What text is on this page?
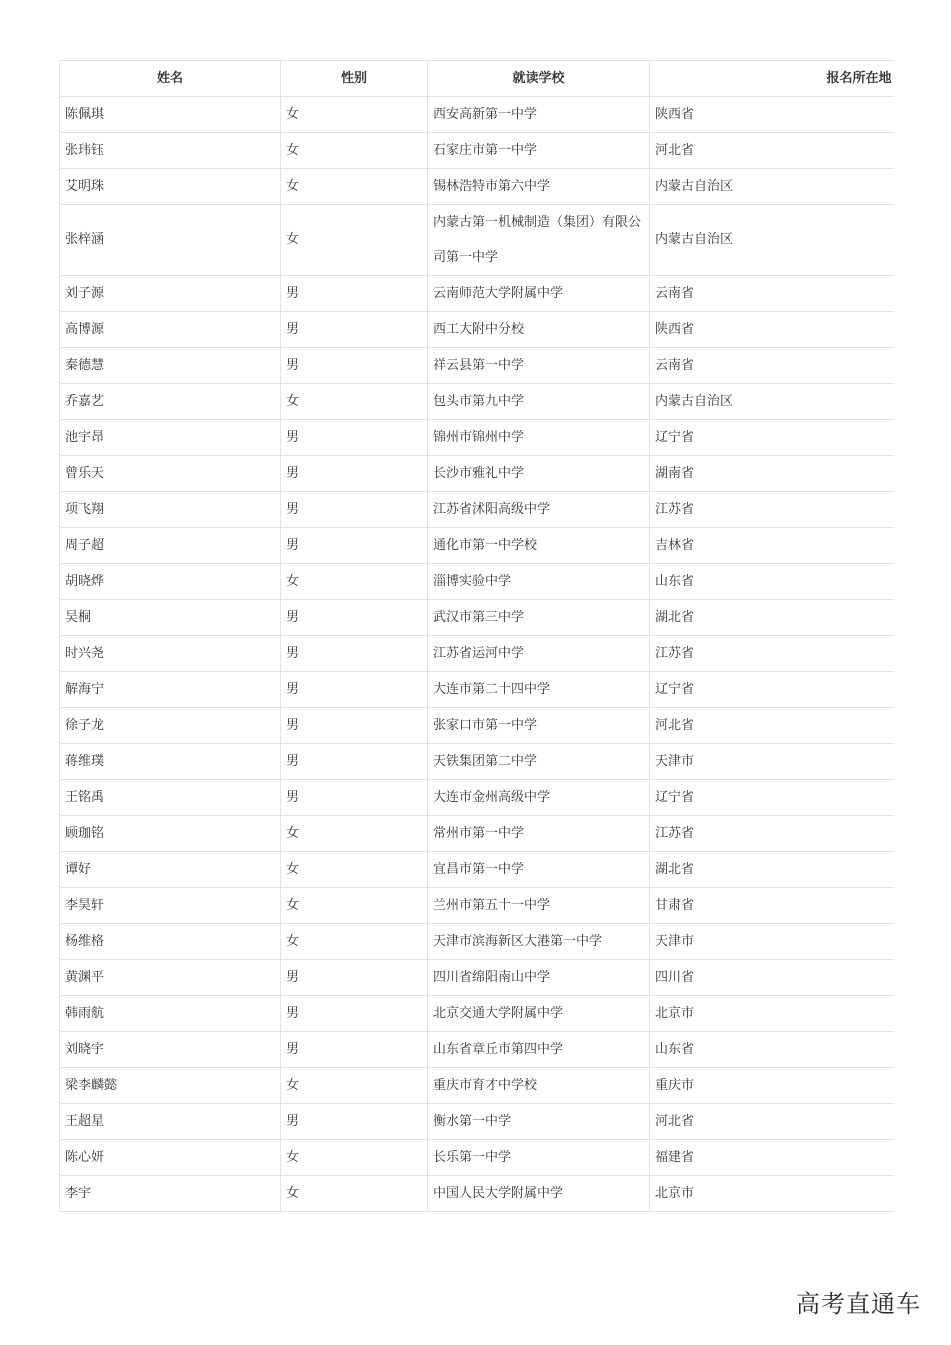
姓名	性别	就读学校	报名所在地
陈佩琪	女	西安高新第一中学	陕西省
张玮钰	女	石家庄市第一中学	河北省
艾明珠	女	锡林浩特市第六中学	内蒙古自治区
张梓涵	女	内蒙古第一机械制造（集团）有限公司第一中学	内蒙古自治区
刘子源	男	云南师范大学附属中学	云南省
高博源	男	西工大附中分校	陕西省
秦德慧	男	祥云县第一中学	云南省
乔嘉艺	女	包头市第九中学	内蒙古自治区
池宇昂	男	锦州市锦州中学	辽宁省
曾乐天	男	长沙市雅礼中学	湖南省
项飞翔	男	江苏省沭阳高级中学	江苏省
周子超	男	通化市第一中学校	吉林省
胡晓烨	女	淄博实验中学	山东省
吴桐	男	武汉市第三中学	湖北省
时兴尧	男	江苏省运河中学	江苏省
解海宁	男	大连市第二十四中学	辽宁省
徐子龙	男	张家口市第一中学	河北省
蒋维璞	男	天铁集团第二中学	天津市
王铭禹	男	大连市金州高级中学	辽宁省
顾珈铭	女	常州市第一中学	江苏省
谭好	女	宜昌市第一中学	湖北省
李昊轩	女	兰州市第五十一中学	甘肃省
杨维格	女	天津市滨海新区大港第一中学	天津市
黄渊平	男	四川省绵阳南山中学	四川省
韩雨航	男	北京交通大学附属中学	北京市
刘晓宇	男	山东省章丘市第四中学	山东省
梁李麟懿	女	重庆市育才中学校	重庆市
王超星	男	衡水第一中学	河北省
陈心妍	女	长乐第一中学	福建省
李宇	女	中国人民大学附属中学	北京市
高考直通车
